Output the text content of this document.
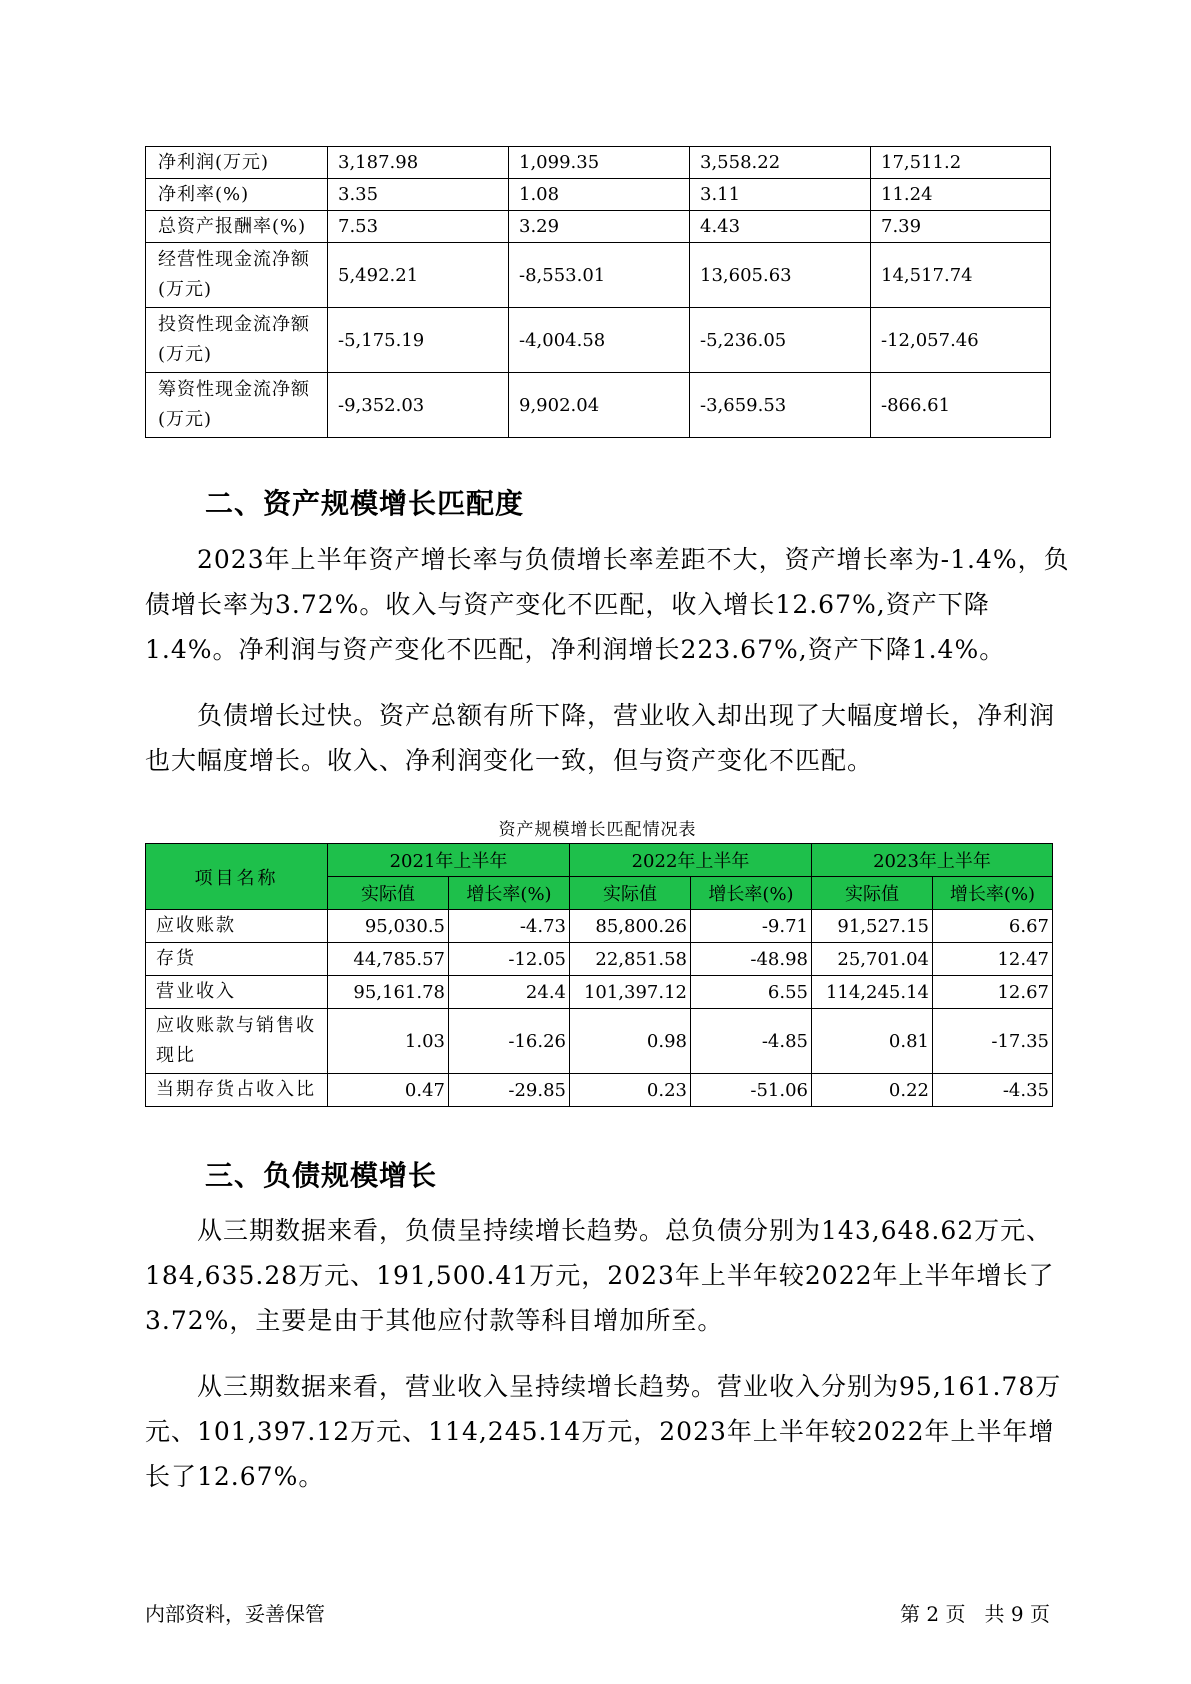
净利润(万元)	3,187.98	1,099.35	3,558.22	17,511.2
净利率(%)	3.35	1.08	3.11	11.24
总资产报酬率(%)	7.53	3.29	4.43	7.39
经营性现金流净额(万元)	5,492.21	-8,553.01	13,605.63	14,517.74
投资性现金流净额(万元)	-5,175.19	-4,004.58	-5,236.05	-12,057.46
筹资性现金流净额(万元)	-9,352.03	9,902.04	-3,659.53	-866.61
二、资产规模增长匹配度

2023年上半年资产增长率与负债增长率差距不大，资产增长率为-1.4%，负债增长率为3.72%。收入与资产变化不匹配，收入增长12.67%,资产下降1.4%。净利润与资产变化不匹配，净利润增长223.67%,资产下降1.4%。

负债增长过快。资产总额有所下降，营业收入却出现了大幅度增长，净利润也大幅度增长。收入、净利润变化一致，但与资产变化不匹配。

资产规模增长匹配情况表
项目名称	2021年上半年		2022年上半年		2023年上半年	
	实际值	增长率(%)	实际值	增长率(%)	实际值	增长率(%)
应收账款	95,030.5	-4.73	85,800.26	-9.71	91,527.15	6.67
存货	44,785.57	-12.05	22,851.58	-48.98	25,701.04	12.47
营业收入	95,161.78	24.4	101,397.12	6.55	114,245.14	12.67
应收账款与销售收现比	1.03	-16.26	0.98	-4.85	0.81	-17.35
当期存货占收入比	0.47	-29.85	0.23	-51.06	0.22	-4.35
三、负债规模增长

从三期数据来看，负债呈持续增长趋势。总负债分别为143,648.62万元、184,635.28万元、191,500.41万元，2023年上半年较2022年上半年增长了3.72%，主要是由于其他应付款等科目增加所至。

从三期数据来看，营业收入呈持续增长趋势。营业收入分别为95,161.78万元、101,397.12万元、114,245.14万元，2023年上半年较2022年上半年增长了12.67%。

内部资料，妥善保管	第 2 页   共 9 页
